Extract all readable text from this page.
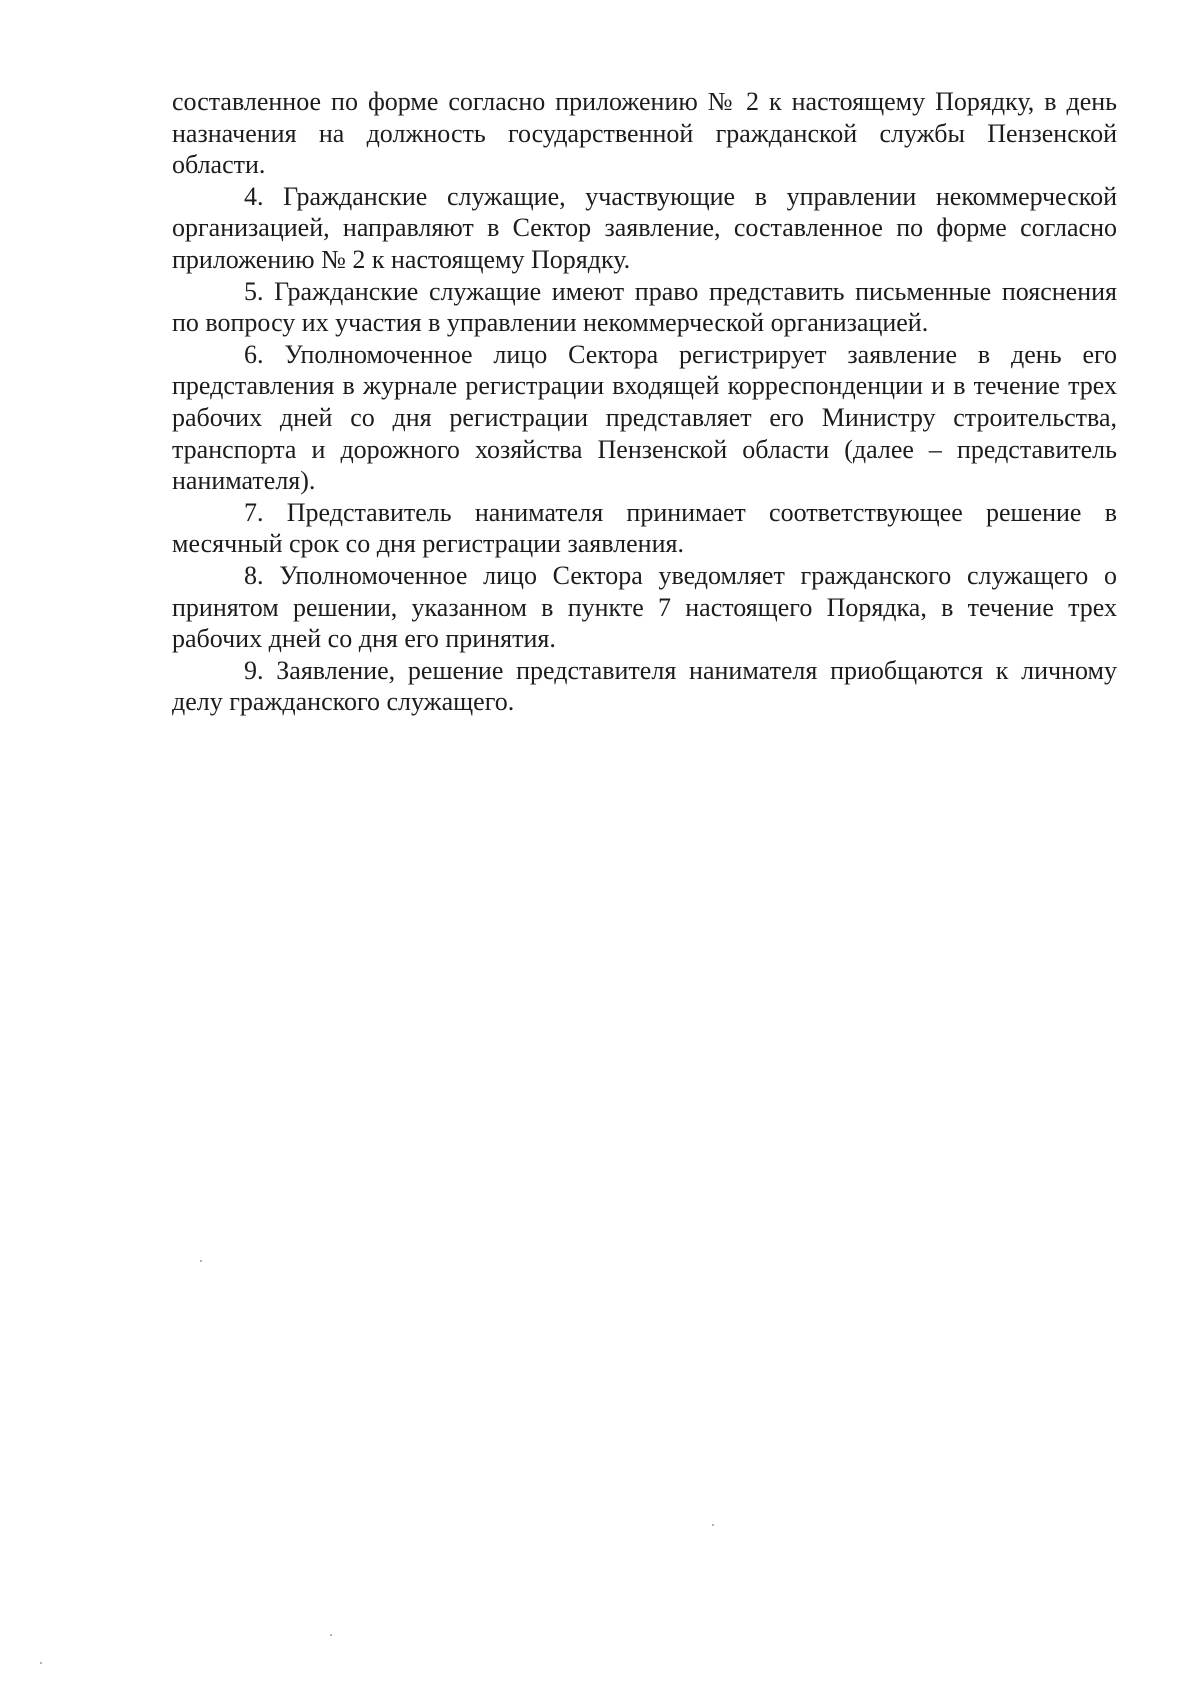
составленное по форме согласно приложению № 2 к настоящему Порядку, в день назначения на должность государственной гражданской службы Пензенской области.

4. Гражданские служащие, участвующие в управлении некоммерческой организацией, направляют в Сектор заявление, составленное по форме согласно приложению № 2 к настоящему Порядку.

5. Гражданские служащие имеют право представить письменные пояснения по вопросу их участия в управлении некоммерческой организацией.

6. Уполномоченное лицо Сектора регистрирует заявление в день его представления в журнале регистрации входящей корреспонденции и в течение трех рабочих дней со дня регистрации представляет его Министру строительства, транспорта и дорожного хозяйства Пензенской области (далее – представитель нанимателя).

7. Представитель нанимателя принимает соответствующее решение в месячный срок со дня регистрации заявления.

8. Уполномоченное лицо Сектора уведомляет гражданского служащего о принятом решении, указанном в пункте 7 настоящего Порядка, в течение трех рабочих дней со дня его принятия.

9. Заявление, решение представителя нанимателя приобщаются к личному делу гражданского служащего.
